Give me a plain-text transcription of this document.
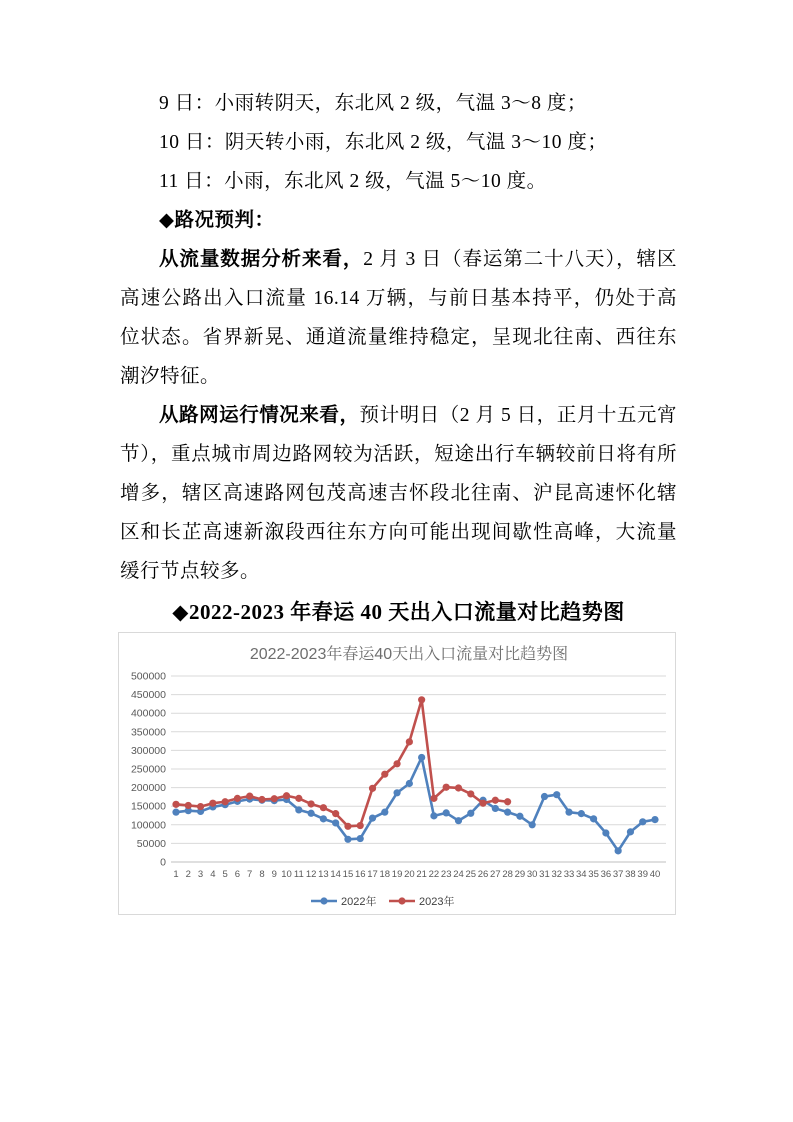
9 日：小雨转阴天，东北风 2 级，气温 3～8 度；

10 日：阴天转小雨，东北风 2 级，气温 3～10 度；

11 日：小雨，东北风 2 级，气温 5～10 度。

◆路况预判：

从流量数据分析来看，2 月 3 日（春运第二十八天），辖区高速公路出入口流量 16.14 万辆，与前日基本持平，仍处于高位状态。省界新晃、通道流量维持稳定，呈现北往南、西往东潮汐特征。

从路网运行情况来看，预计明日（2 月 5 日，正月十五元宵节），重点城市周边路网较为活跃，短途出行车辆较前日将有所增多，辖区高速路网包茂高速吉怀段北往南、沪昆高速怀化辖区和长芷高速新溆段西往东方向可能出现间歇性高峰，大流量缓行节点较多。

◆2022-2023 年春运 40 天出入口流量对比趋势图
0
50000
100000
150000
200000
250000
300000
350000
400000
450000
500000
2022-2023年春运40天出入口流量对比趋势图
1 2 3 4 5 6 7 8 9 10 11 12 13 14 15 16 17 18 19 20 21 22 23 24 25 26 27 28 29 30 31 32 33 34 35 36 37 38 39 40
2022年	2023年
